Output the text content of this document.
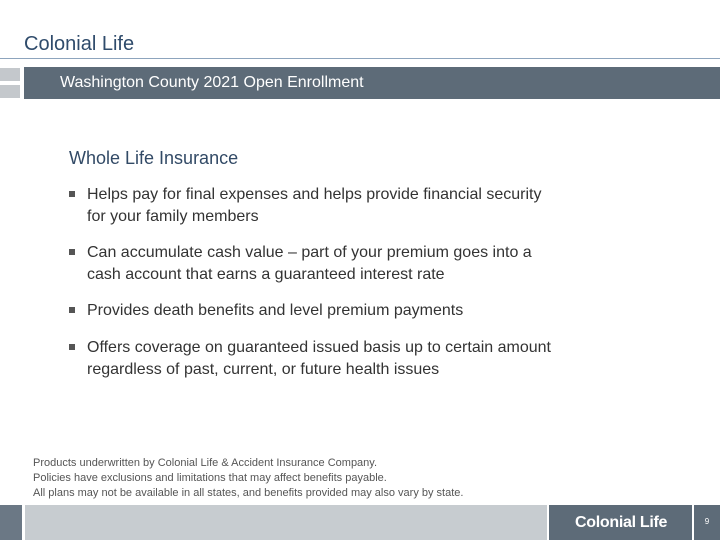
Colonial Life
Washington County 2021 Open Enrollment
Whole Life Insurance
Helps pay for final expenses and helps provide financial security
for your family members
Can accumulate cash value – part of your premium goes into a
cash account that earns a guaranteed interest rate
Provides death benefits and level premium payments
Offers coverage on guaranteed issued basis up to certain amount
regardless of past, current, or future health issues
Products underwritten by Colonial Life & Accident Insurance Company.
Policies have exclusions and limitations that may affect benefits payable.
All plans may not be available in all states, and benefits provided may also vary by state.
Colonial Life	9
